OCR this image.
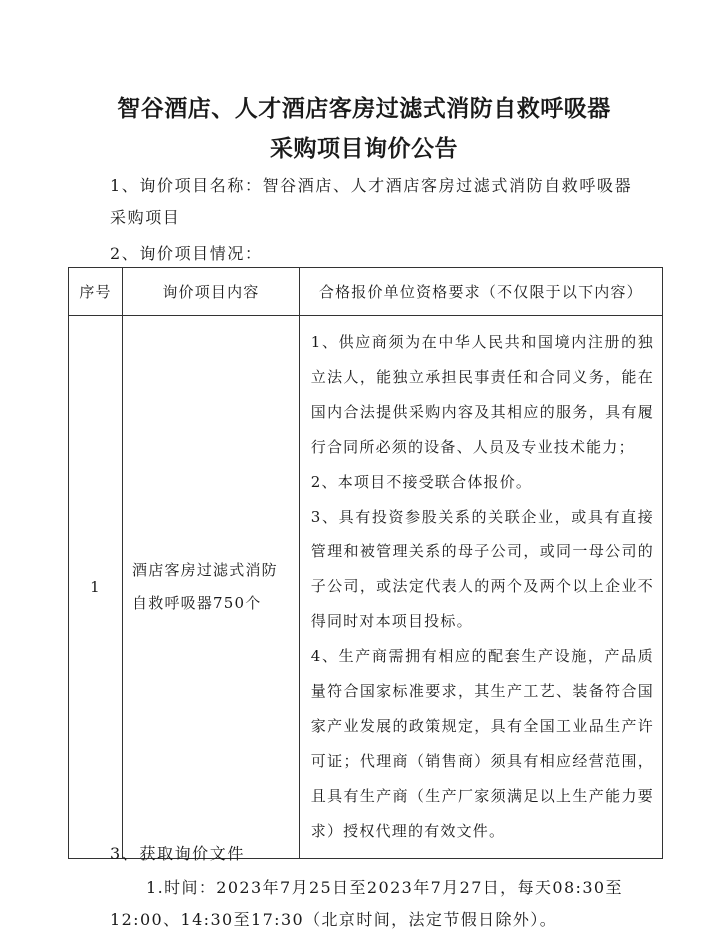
智谷酒店、人才酒店客房过滤式消防自救呼吸器
采购项目询价公告
1、询价项目名称：智谷酒店、人才酒店客房过滤式消防自救呼吸器
采购项目
2、询价项目情况：
序号	询价项目内容	合格报价单位资格要求（不仅限于以下内容）
1	酒店客房过滤式消防自救呼吸器750个	1、供应商须为在中华人民共和国境内注册的独立法人，能独立承担民事责任和合同义务，能在国内合法提供采购内容及其相应的服务，具有履行合同所必须的设备、人员及专业技术能力；
2、本项目不接受联合体报价。
3、具有投资参股关系的关联企业，或具有直接管理和被管理关系的母子公司，或同一母公司的子公司，或法定代表人的两个及两个以上企业不得同时对本项目投标。
4、生产商需拥有相应的配套生产设施，产品质量符合国家标准要求，其生产工艺、装备符合国家产业发展的政策规定，具有全国工业品生产许可证；代理商（销售商）须具有相应经营范围，且具有生产商（生产厂家须满足以上生产能力要求）授权代理的有效文件。
3、获取询价文件
1.时间：2023年7月25日至2023年7月27日，每天08:30至
12:00、14:30至17:30（北京时间，法定节假日除外）。
